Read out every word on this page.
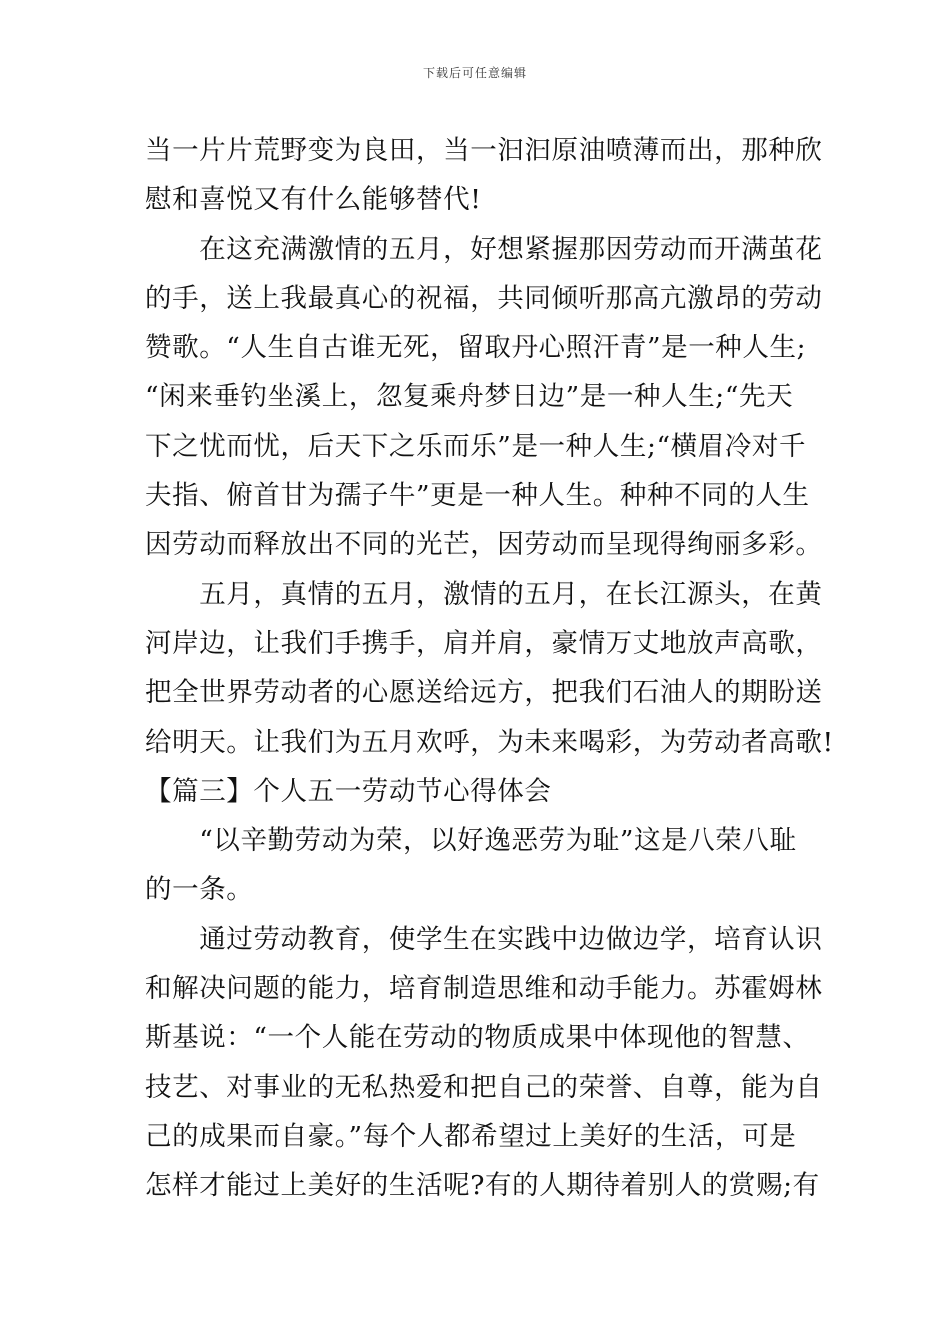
下载后可任意编辑
当一片片荒野变为良田，当一汩汩原油喷薄而出，那种欣
慰和喜悦又有什么能够替代!
　　在这充满激情的五月，好想紧握那因劳动而开满茧花
的手，送上我最真心的祝福，共同倾听那高亢激昂的劳动
赞歌。“人生自古谁无死，留取丹心照汗青”是一种人生;
“闲来垂钓坐溪上，忽复乘舟梦日边”是一种人生;“先天
下之忧而忧，后天下之乐而乐”是一种人生;“横眉冷对千
夫指、俯首甘为孺子牛”更是一种人生。种种不同的人生
因劳动而释放出不同的光芒，因劳动而呈现得绚丽多彩。
　　五月，真情的五月，激情的五月，在长江源头，在黄
河岸边，让我们手携手，肩并肩，豪情万丈地放声高歌，
把全世界劳动者的心愿送给远方，把我们石油人的期盼送
给明天。让我们为五月欢呼，为未来喝彩，为劳动者高歌!
【篇三】个人五一劳动节心得体会
　　“以辛勤劳动为荣，以好逸恶劳为耻”这是八荣八耻
的一条。
　　通过劳动教育，使学生在实践中边做边学，培育认识
和解决问题的能力，培育制造思维和动手能力。苏霍姆林
斯基说：“一个人能在劳动的物质成果中体现他的智慧、
技艺、对事业的无私热爱和把自己的荣誉、自尊，能为自
己的成果而自豪。”每个人都希望过上美好的生活，可是
怎样才能过上美好的生活呢?有的人期待着别人的赏赐;有
